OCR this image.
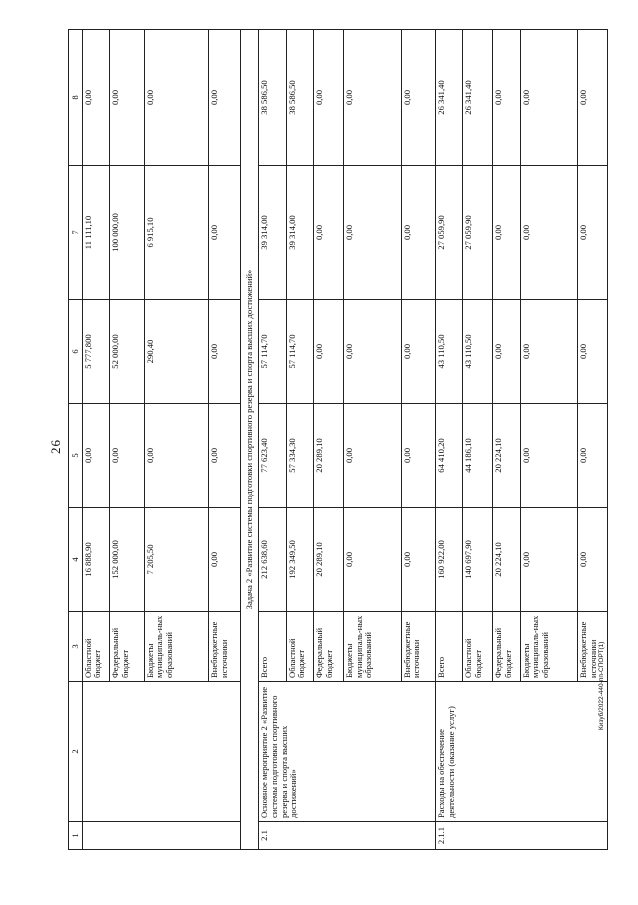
26
Кизуб/2022-440-пп-СПОРТ(1)
1	2	3	4	5	6	7	8
		Областной бюджет	16 888,90	0,00	5 777,800	11 111,10	0,00
		Федеральный бюджет	152 000,00	0,00	52 000,00	100 000,00	0,00
		Бюджеты муниципаль-ных образований	7 205,50	0,00	290,40	6 915,10	0,00
		Внебюджетные источники	0,00	0,00	0,00	0,00	0,00
Задача 2 «Развитие системы подготовки спортивного резерва и спорта высших достижений»							
2.1	Основное мероприятие 2 «Развитие системы подготовки спортивного резерва и спорта высших достижений»	Всего	212 638,60	77 623,40	57 114,70	39 314,00	38 586,50
		Областной бюджет	192 349,50	57 334,30	57 114,70	39 314,00	38 586,50
		Федеральный бюджет	20 289,10	20 289,10	0,00	0,00	0,00
		Бюджеты муниципаль-ных образований	0,00	0,00	0,00	0,00	0,00
		Внебюджетные источники	0,00	0,00	0,00	0,00	0,00
2.1.1	Расходы на обеспечение деятельности (оказание услуг)	Всего	160 922,00	64 410,20	43 110,50	27 059,90	26 341,40
		Областной бюджет	140 697,90	44 186,10	43 110,50	27 059,90	26 341,40
		Федеральный бюджет	20 224,10	20 224,10	0,00	0,00	0,00
		Бюджеты муниципаль-ных образований	0,00	0,00	0,00	0,00	0,00
		Внебюджетные источники	0,00	0,00	0,00	0,00	0,00
